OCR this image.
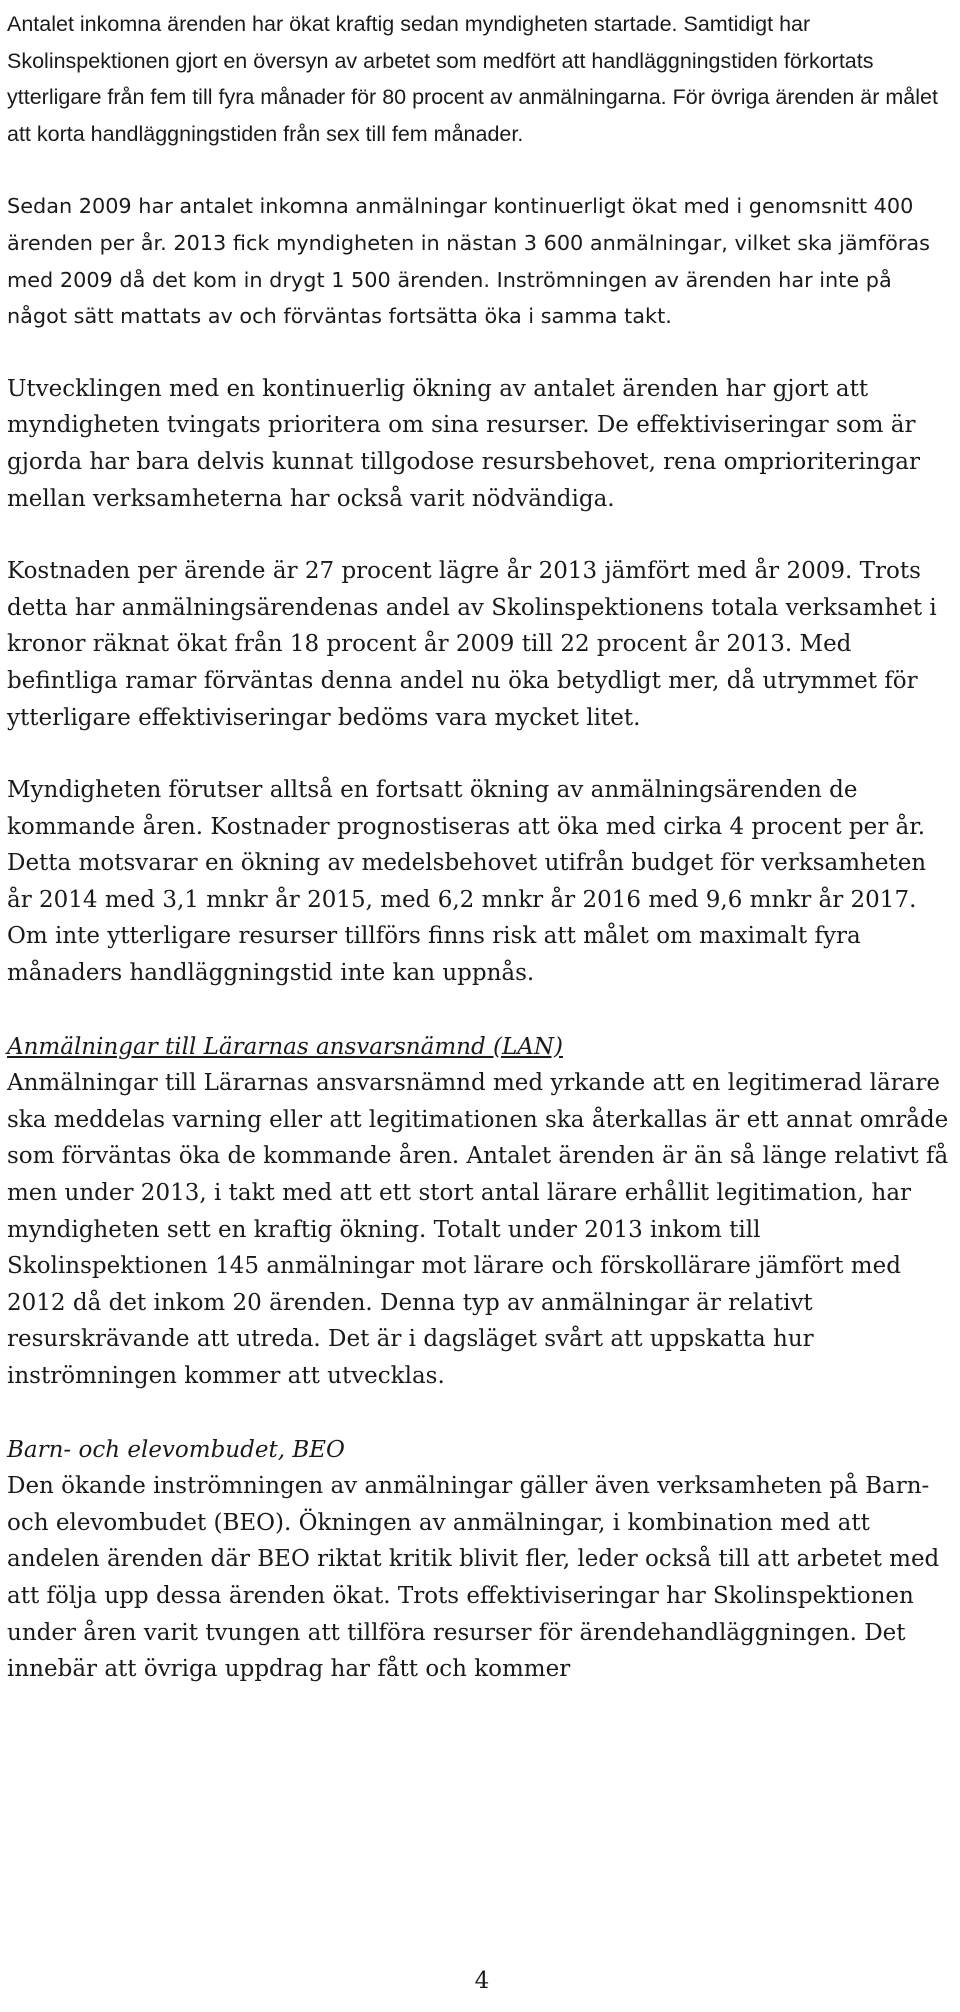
Antalet inkomna ärenden har ökat kraftig sedan myndigheten startade. Samtidigt har Skolinspektionen gjort en översyn av arbetet som medfört att handläggningstiden förkortats ytterligare från fem till fyra månader för 80 procent av anmälningarna. För övriga ärenden är målet att korta handläggningstiden från sex till fem månader.

Sedan 2009 har antalet inkomna anmälningar kontinuerligt ökat med i genomsnitt 400 ärenden per år. 2013 fick myndigheten in nästan 3 600 anmälningar, vilket ska jämföras med 2009 då det kom in drygt 1 500 ärenden. Inströmningen av ärenden har inte på något sätt mattats av och förväntas fortsätta öka i samma takt.

Utvecklingen med en kontinuerlig ökning av antalet ärenden har gjort att myndigheten tvingats prioritera om sina resurser. De effektiviseringar som är gjorda har bara delvis kunnat tillgodose resursbehovet, rena omprioriteringar mellan verksamheterna har också varit nödvändiga.

Kostnaden per ärende är 27 procent lägre år 2013 jämfört med år 2009. Trots detta har anmälningsärendenas andel av Skolinspektionens totala verksamhet i kronor räknat ökat från 18 procent år 2009 till 22 procent år 2013. Med befintliga ramar förväntas denna andel nu öka betydligt mer, då utrymmet för ytterligare effektiviseringar bedöms vara mycket litet.

Myndigheten förutser alltså en fortsatt ökning av anmälningsärenden de kommande åren. Kostnader prognostiseras att öka med cirka 4 procent per år. Detta motsvarar en ökning av medelsbehovet utifrån budget för verksamheten år 2014 med 3,1 mnkr år 2015, med 6,2 mnkr år 2016 med 9,6 mnkr år 2017. Om inte ytterligare resurser tillförs finns risk att målet om maximalt fyra månaders handläggningstid inte kan uppnås.

Anmälningar till Lärarnas ansvarsnämnd (LAN)

Anmälningar till Lärarnas ansvarsnämnd med yrkande att en legitimerad lärare ska meddelas varning eller att legitimationen ska återkallas är ett annat område som förväntas öka de kommande åren. Antalet ärenden är än så länge relativt få men under 2013, i takt med att ett stort antal lärare erhållit legitimation, har myndigheten sett en kraftig ökning. Totalt under 2013 inkom till Skolinspektionen 145 anmälningar mot lärare och förskollärare jämfört med 2012 då det inkom 20 ärenden. Denna typ av anmälningar är relativt resurskrävande att utreda. Det är i dagsläget svårt att uppskatta hur inströmningen kommer att utvecklas.

Barn- och elevombudet, BEO

Den ökande inströmningen av anmälningar gäller även verksamheten på Barn- och elevombudet (BEO). Ökningen av anmälningar, i kombination med att andelen ärenden där BEO riktat kritik blivit fler, leder också till att arbetet med att följa upp dessa ärenden ökat. Trots effektiviseringar har Skolinspektionen under åren varit tvungen att tillföra resurser för ärendehandläggningen. Det innebär att övriga uppdrag har fått och kommer

4
